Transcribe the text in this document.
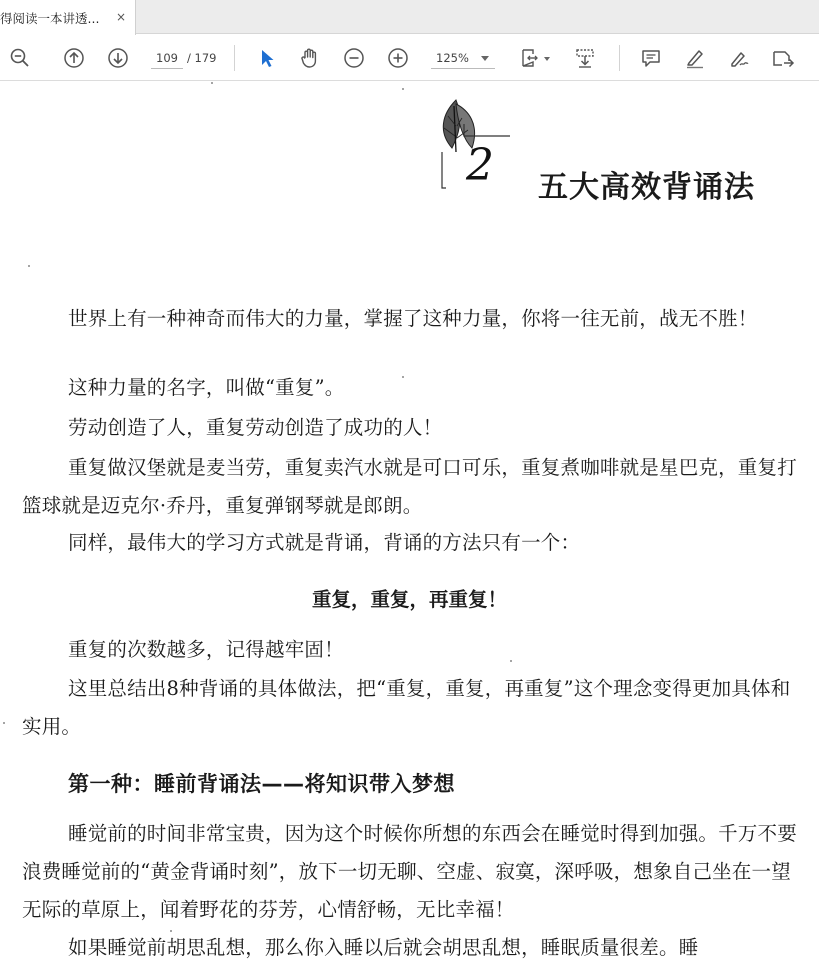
得阅读一本讲透...	×
109 / 179	125%
2 五大高效背诵法
世界上有一种神奇而伟大的力量，掌握了这种力量，你将一往无前，战无不胜！
这种力量的名字，叫做“重复”。
劳动创造了人，重复劳动创造了成功的人！
重复做汉堡就是麦当劳，重复卖汽水就是可口可乐，重复煮咖啡就是星巴克，重复打篮球就是迈克尔·乔丹，重复弹钢琴就是郎朗。
同样，最伟大的学习方式就是背诵，背诵的方法只有一个：
重复，重复，再重复！
重复的次数越多，记得越牢固！
这里总结出8种背诵的具体做法，把“重复，重复，再重复”这个理念变得更加具体和实用。
第一种：睡前背诵法——将知识带入梦想
睡觉前的时间非常宝贵，因为这个时候你所想的东西会在睡觉时得到加强。千万不要浪费睡觉前的“黄金背诵时刻”，放下一切无聊、空虚、寂寞，深呼吸，想象自己坐在一望无际的草原上，闻着野花的芬芳，心情舒畅，无比幸福！
如果睡觉前胡思乱想，那么你入睡以后就会胡思乱想，睡眠质量很差。睡
